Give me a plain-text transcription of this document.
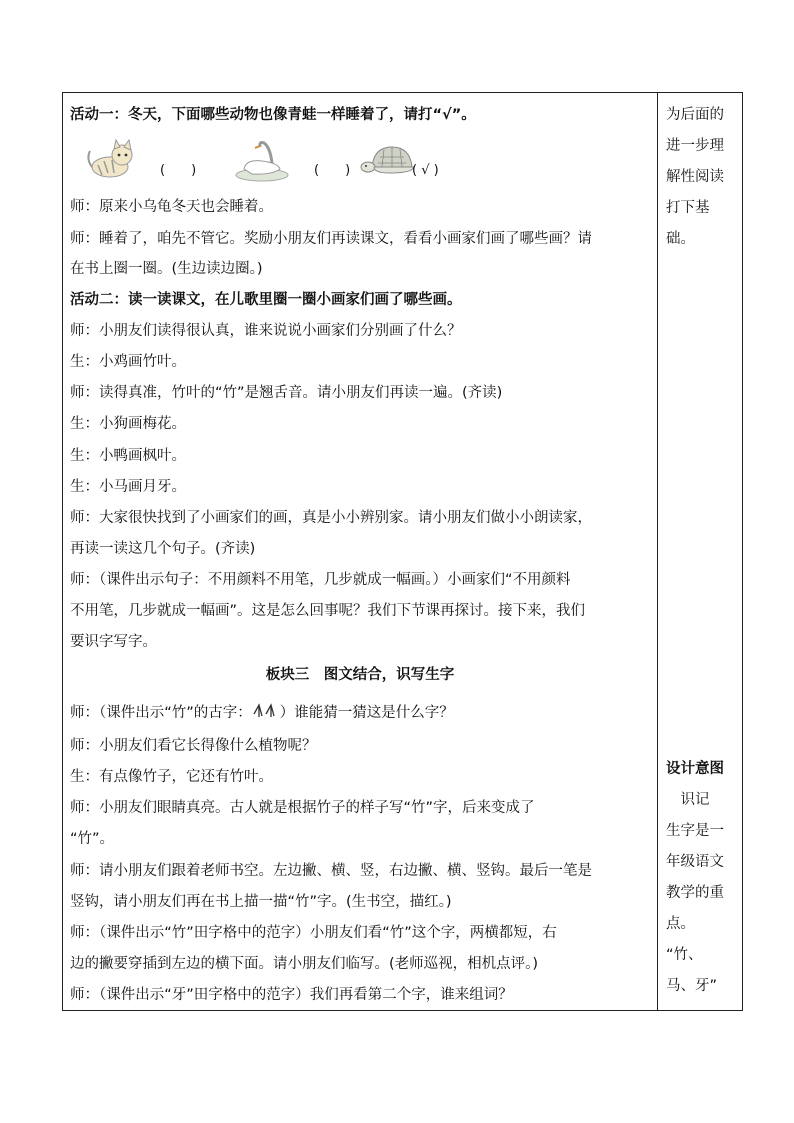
活动一：冬天，下面哪些动物也像青蛙一样睡着了，请打“√”。
(　　)	(　　)	( √ )
师：原来小乌龟冬天也会睡着。
师：睡着了，咱先不管它。奖励小朋友们再读课文，看看小画家们画了哪些画？请
在书上圈一圈。(生边读边圈。)
活动二：读一读课文，在儿歌里圈一圈小画家们画了哪些画。
师：小朋友们读得很认真，谁来说说小画家们分别画了什么？
生：小鸡画竹叶。
师：读得真准，竹叶的“竹”是翘舌音。请小朋友们再读一遍。(齐读)
生：小狗画梅花。
生：小鸭画枫叶。
生：小马画月牙。
师：大家很快找到了小画家们的画，真是小小辨别家。请小朋友们做小小朗读家，
再读一读这几个句子。(齐读)
师：（课件出示句子：不用颜料不用笔，几步就成一幅画。）小画家们“不用颜料
不用笔，几步就成一幅画”。这是怎么回事呢？我们下节课再探讨。接下来，我们
要识字写字。
板块三　图文结合，识写生字
师：（课件出示“竹”的古字： ）谁能猜一猜这是什么字？
师：小朋友们看它长得像什么植物呢？
生：有点像竹子，它还有竹叶。
师：小朋友们眼睛真亮。古人就是根据竹子的样子写“竹”字，后来变成了
“竹”。
师：请小朋友们跟着老师书空。左边撇、横、竖，右边撇、横、竖钩。最后一笔是
竖钩，请小朋友们再在书上描一描“竹”字。(生书空，描红。)
师：（课件出示“竹”田字格中的范字）小朋友们看“竹”这个字，两横都短，右
边的撇要穿插到左边的横下面。请小朋友们临写。(老师巡视，相机点评。)
师：（课件出示“牙”田字格中的范字）我们再看第二个字，谁来组词？
为后面的
进一步理
解性阅读
打下基
础。
设计意图
　识记
生字是一
年级语文
教学的重
点。
“竹、
马、牙”
